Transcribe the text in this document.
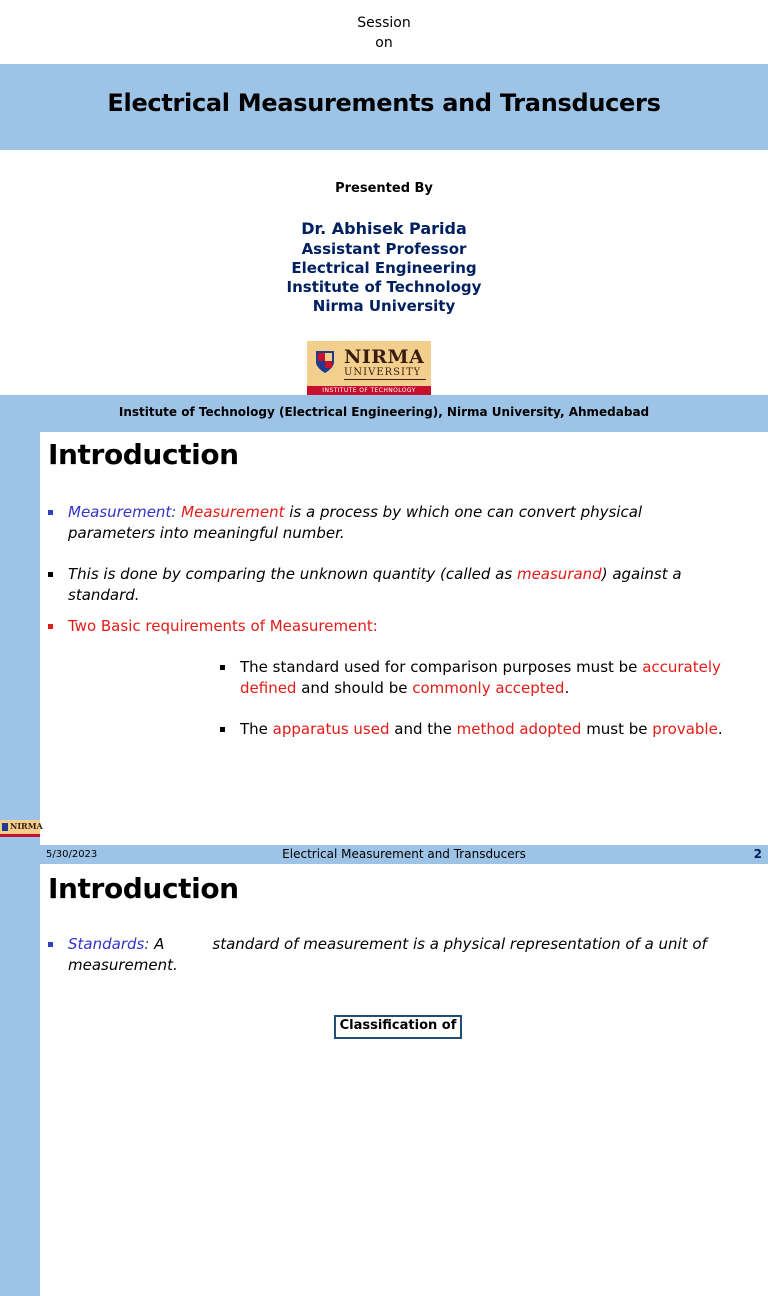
Session
on
Electrical Measurements and Transducers
Presented By
Dr. Abhisek Parida
Assistant Professor
Electrical Engineering
Institute of Technology
Nirma University
NIRMA
UNIVERSITY
INSTITUTE OF TECHNOLOGY
Institute of Technology (Electrical Engineering), Nirma University, Ahmedabad
Introduction
Measurement: Measurement is a process by which one can convert physical
parameters into meaningful number.
This is done by comparing the unknown quantity (called as measurand) against a
standard.
Two Basic requirements of Measurement:
The standard used for comparison purposes must be accurately
defined and should be commonly accepted.
The apparatus used and the method adopted must be provable.
NIRMA
5/30/2023	Electrical Measurement and Transducers	2
Introduction
Standards: A	standard of measurement is a physical representation of a unit of
measurement.
Classification of
